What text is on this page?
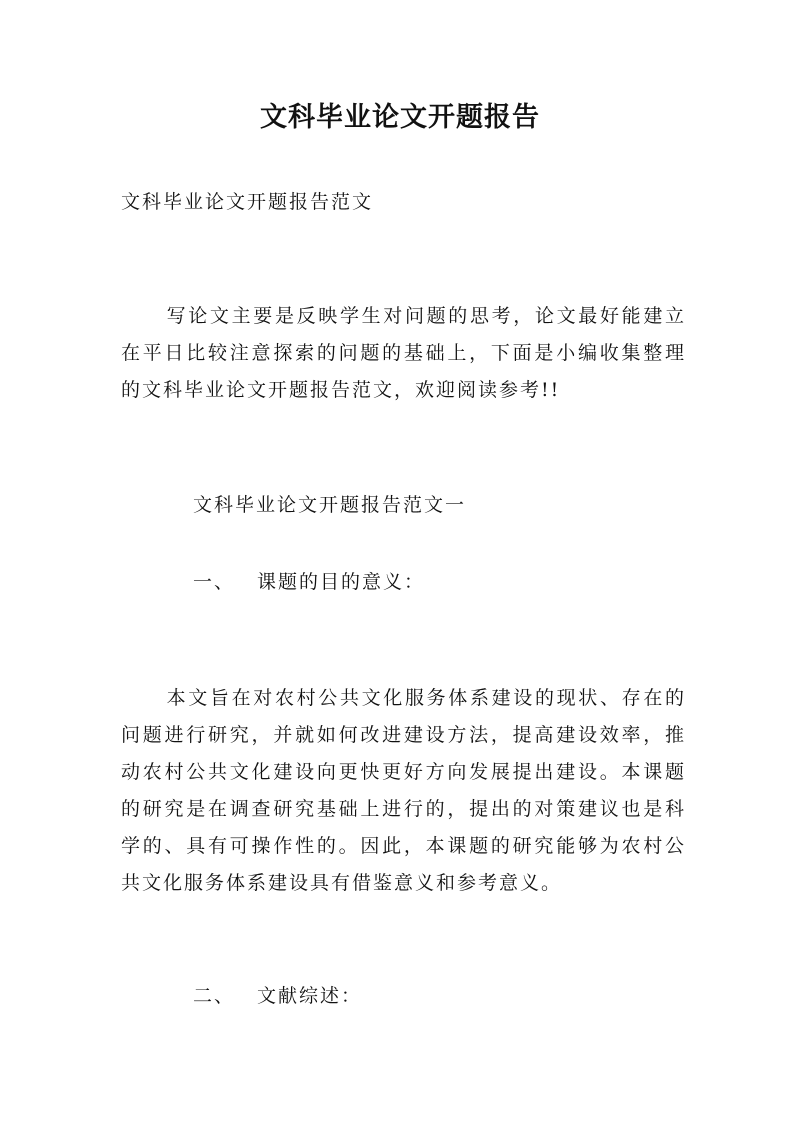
文科毕业论文开题报告

文科毕业论文开题报告范文

写论文主要是反映学生对问题的思考，论文最好能建立在平日比较注意探索的问题的基础上，下面是小编收集整理的文科毕业论文开题报告范文，欢迎阅读参考!!

文科毕业论文开题报告范文一

一、 课题的目的意义：

本文旨在对农村公共文化服务体系建设的现状、存在的问题进行研究，并就如何改进建设方法，提高建设效率，推动农村公共文化建设向更快更好方向发展提出建设。本课题的研究是在调查研究基础上进行的，提出的对策建议也是科学的、具有可操作性的。因此，本课题的研究能够为农村公共文化服务体系建设具有借鉴意义和参考意义。

二、 文献综述：
